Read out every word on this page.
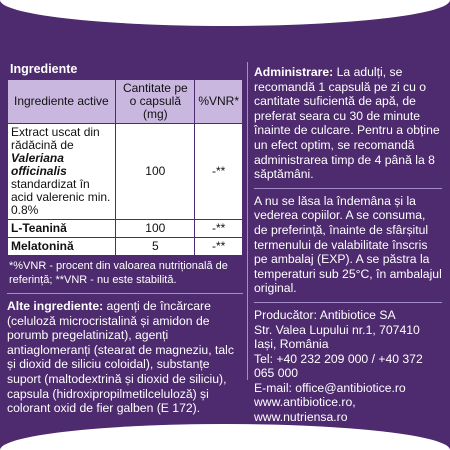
Ingrediente
Ingrediente active	Cantitate pe o capsulă (mg)	%VNR*
Extract uscat din rădăcină de Valeriana officinalis standardizat în acid valerenic min. 0.8%	100	-**
L-Teanină	100	-**
Melatonină	5	-**
*%VNR - procent din valoarea nutrițională de referință; **VNR - nu este stabilită.
Alte ingrediente: agenți de încărcare (celuloză microcristalină și amidon de porumb pregelatinizat), agenți antiaglomeranți (stearat de magneziu, talc și dioxid de siliciu coloidal), substanțe suport (maltodextrină și dioxid de siliciu), capsula (hidroxipropilmetilceluloză) și colorant oxid de fier galben (E 172).
Administrare: La adulți, se recomandă 1 capsulă pe zi cu o cantitate suficientă de apă, de preferat seara cu 30 de minute înainte de culcare. Pentru a obține un efect optim, se recomandă administrarea timp de 4 până la 8 săptămâni.
A nu se lăsa la îndemâna și la vederea copiilor. A se consuma, de preferință, înainte de sfârșitul termenului de valabilitate înscris pe ambalaj (EXP). A se păstra la temperaturi sub 25°C, în ambalajul original.
Producător: Antibiotice SA
Str. Valea Lupului nr.1, 707410 Iași, România
Tel: +40 232 209 000 / +40 372 065 000
E-mail: office@antibiotice.ro
www.antibiotice.ro,
www.nutriensa.ro
